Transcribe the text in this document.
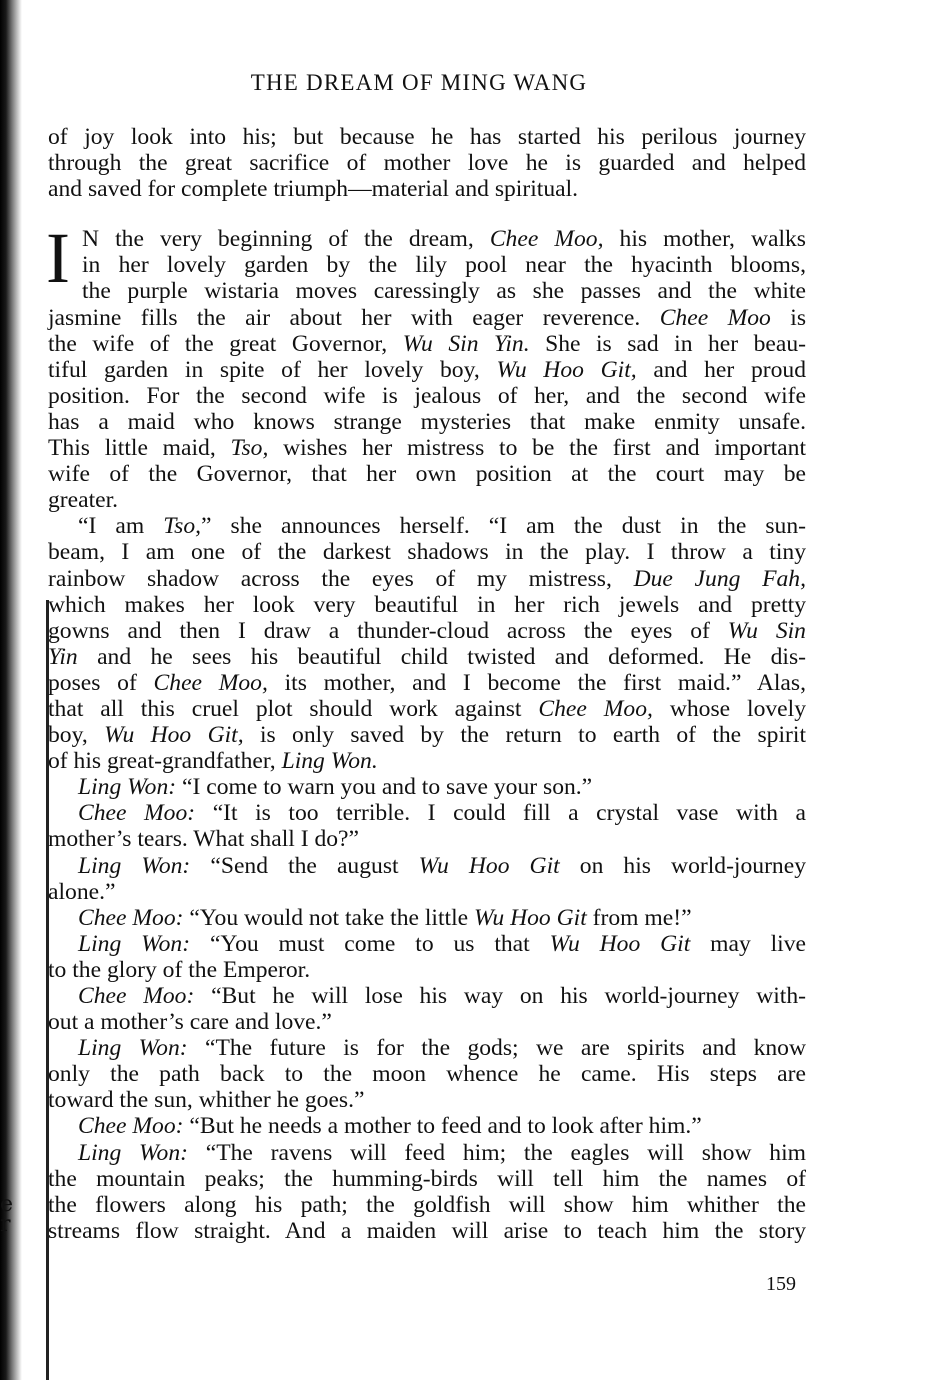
e
r
THE DREAM OF MING WANG
of joy look into his; but because he has started his perilous journey
through the great sacrifice of mother love he is guarded and helped
and saved for complete triumph—material and spiritual.
I N the very beginning of the dream, Chee Moo, his mother, walks
in her lovely garden by the lily pool near the hyacinth blooms,
the purple wistaria moves caressingly as she passes and the white
jasmine fills the air about her with eager reverence. Chee Moo is
the wife of the great Governor, Wu Sin Yin. She is sad in her beau-
tiful garden in spite of her lovely boy, Wu Hoo Git, and her proud
position. For the second wife is jealous of her, and the second wife
has a maid who knows strange mysteries that make enmity unsafe.
This little maid, Tso, wishes her mistress to be the first and important
wife of the Governor, that her own position at the court may be
greater.
“I am Tso,” she announces herself. “I am the dust in the sun-
beam, I am one of the darkest shadows in the play. I throw a tiny
rainbow shadow across the eyes of my mistress, Due Jung Fah,
which makes her look very beautiful in her rich jewels and pretty
gowns and then I draw a thunder-cloud across the eyes of Wu Sin
Yin and he sees his beautiful child twisted and deformed. He dis-
poses of Chee Moo, its mother, and I become the first maid.” Alas,
that all this cruel plot should work against Chee Moo, whose lovely
boy, Wu Hoo Git, is only saved by the return to earth of the spirit
of his great-grandfather, Ling Won.
Ling Won: “I come to warn you and to save your son.”
Chee Moo: “It is too terrible. I could fill a crystal vase with a
mother’s tears. What shall I do?”
Ling Won: “Send the august Wu Hoo Git on his world-journey
alone.”
Chee Moo: “You would not take the little Wu Hoo Git from me!”
Ling Won: “You must come to us that Wu Hoo Git may live
to the glory of the Emperor.
Chee Moo: “But he will lose his way on his world-journey with-
out a mother’s care and love.”
Ling Won: “The future is for the gods; we are spirits and know
only the path back to the moon whence he came. His steps are
toward the sun, whither he goes.”
Chee Moo: “But he needs a mother to feed and to look after him.”
Ling Won: “The ravens will feed him; the eagles will show him
the mountain peaks; the humming-birds will tell him the names of
the flowers along his path; the goldfish will show him whither the
streams flow straight. And a maiden will arise to teach him the story
159
